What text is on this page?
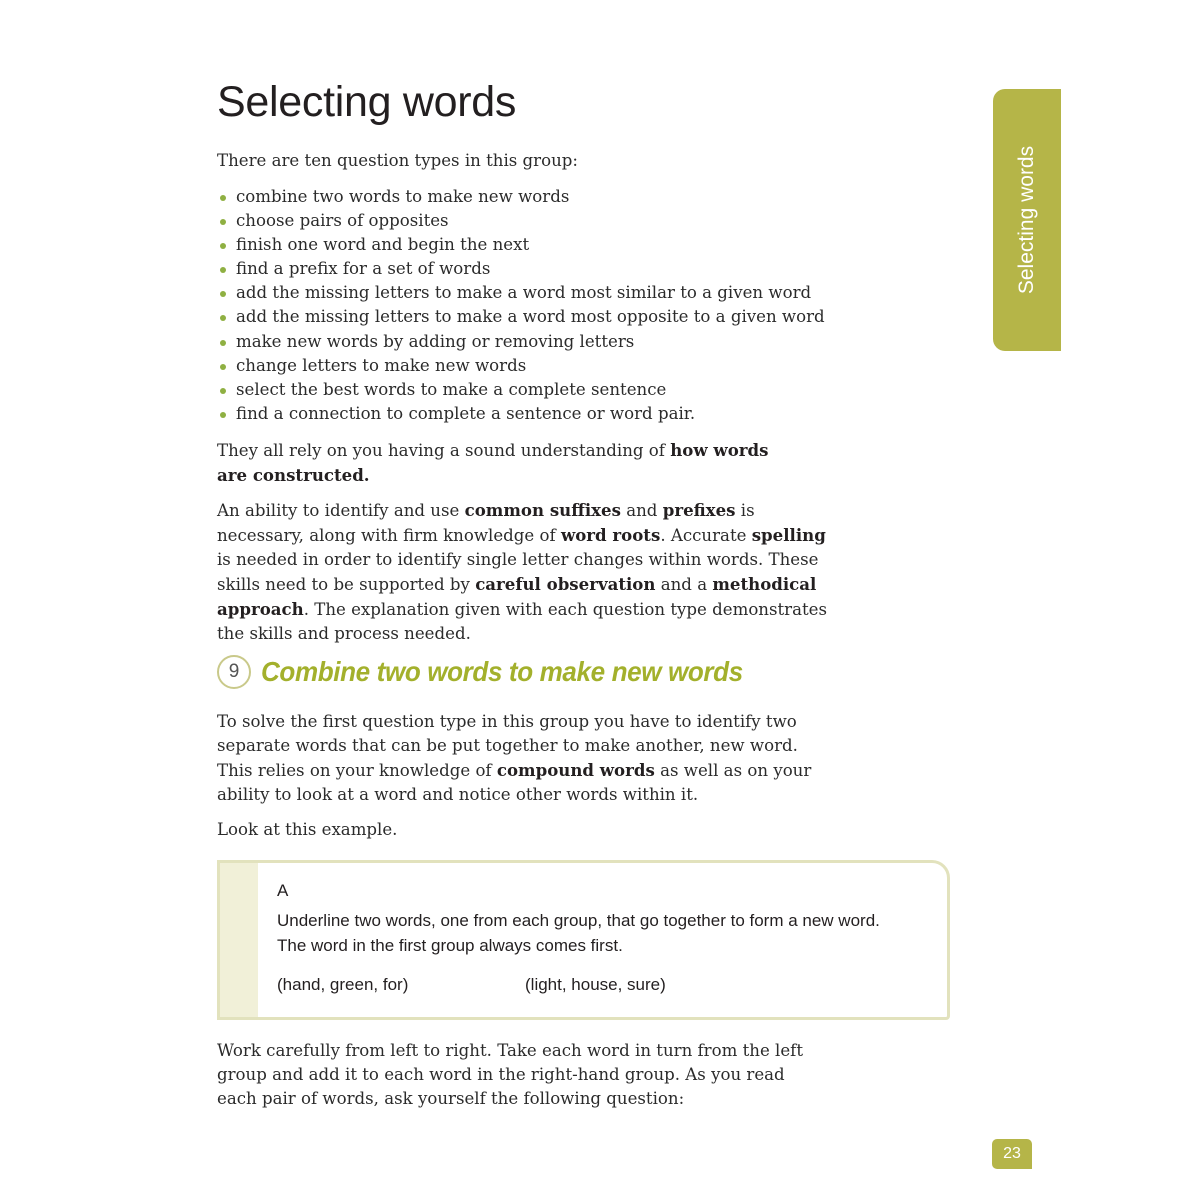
Selecting words
Selecting words

There are ten question types in this group:

combine two words to make new words
choose pairs of opposites
finish one word and begin the next
find a prefix for a set of words
add the missing letters to make a word most similar to a given word
add the missing letters to make a word most opposite to a given word
make new words by adding or removing letters
change letters to make new words
select the best words to make a complete sentence
find a connection to complete a sentence or word pair.

They all rely on you having a sound understanding of how words are constructed.

An ability to identify and use common suffixes and prefixes is necessary, along with firm knowledge of word roots. Accurate spelling is needed in order to identify single letter changes within words. These skills need to be supported by careful observation and a methodical approach. The explanation given with each question type demonstrates the skills and process needed.

9 Combine two words to make new words

To solve the first question type in this group you have to identify two separate words that can be put together to make another, new word. This relies on your knowledge of compound words as well as on your ability to look at a word and notice other words within it.

Look at this example.

A
Underline two words, one from each group, that go together to form a new word. The word in the first group always comes first.
(hand, green, for)	(light, house, sure)

Work carefully from left to right. Take each word in turn from the left group and add it to each word in the right-hand group. As you read each pair of words, ask yourself the following question:

23
